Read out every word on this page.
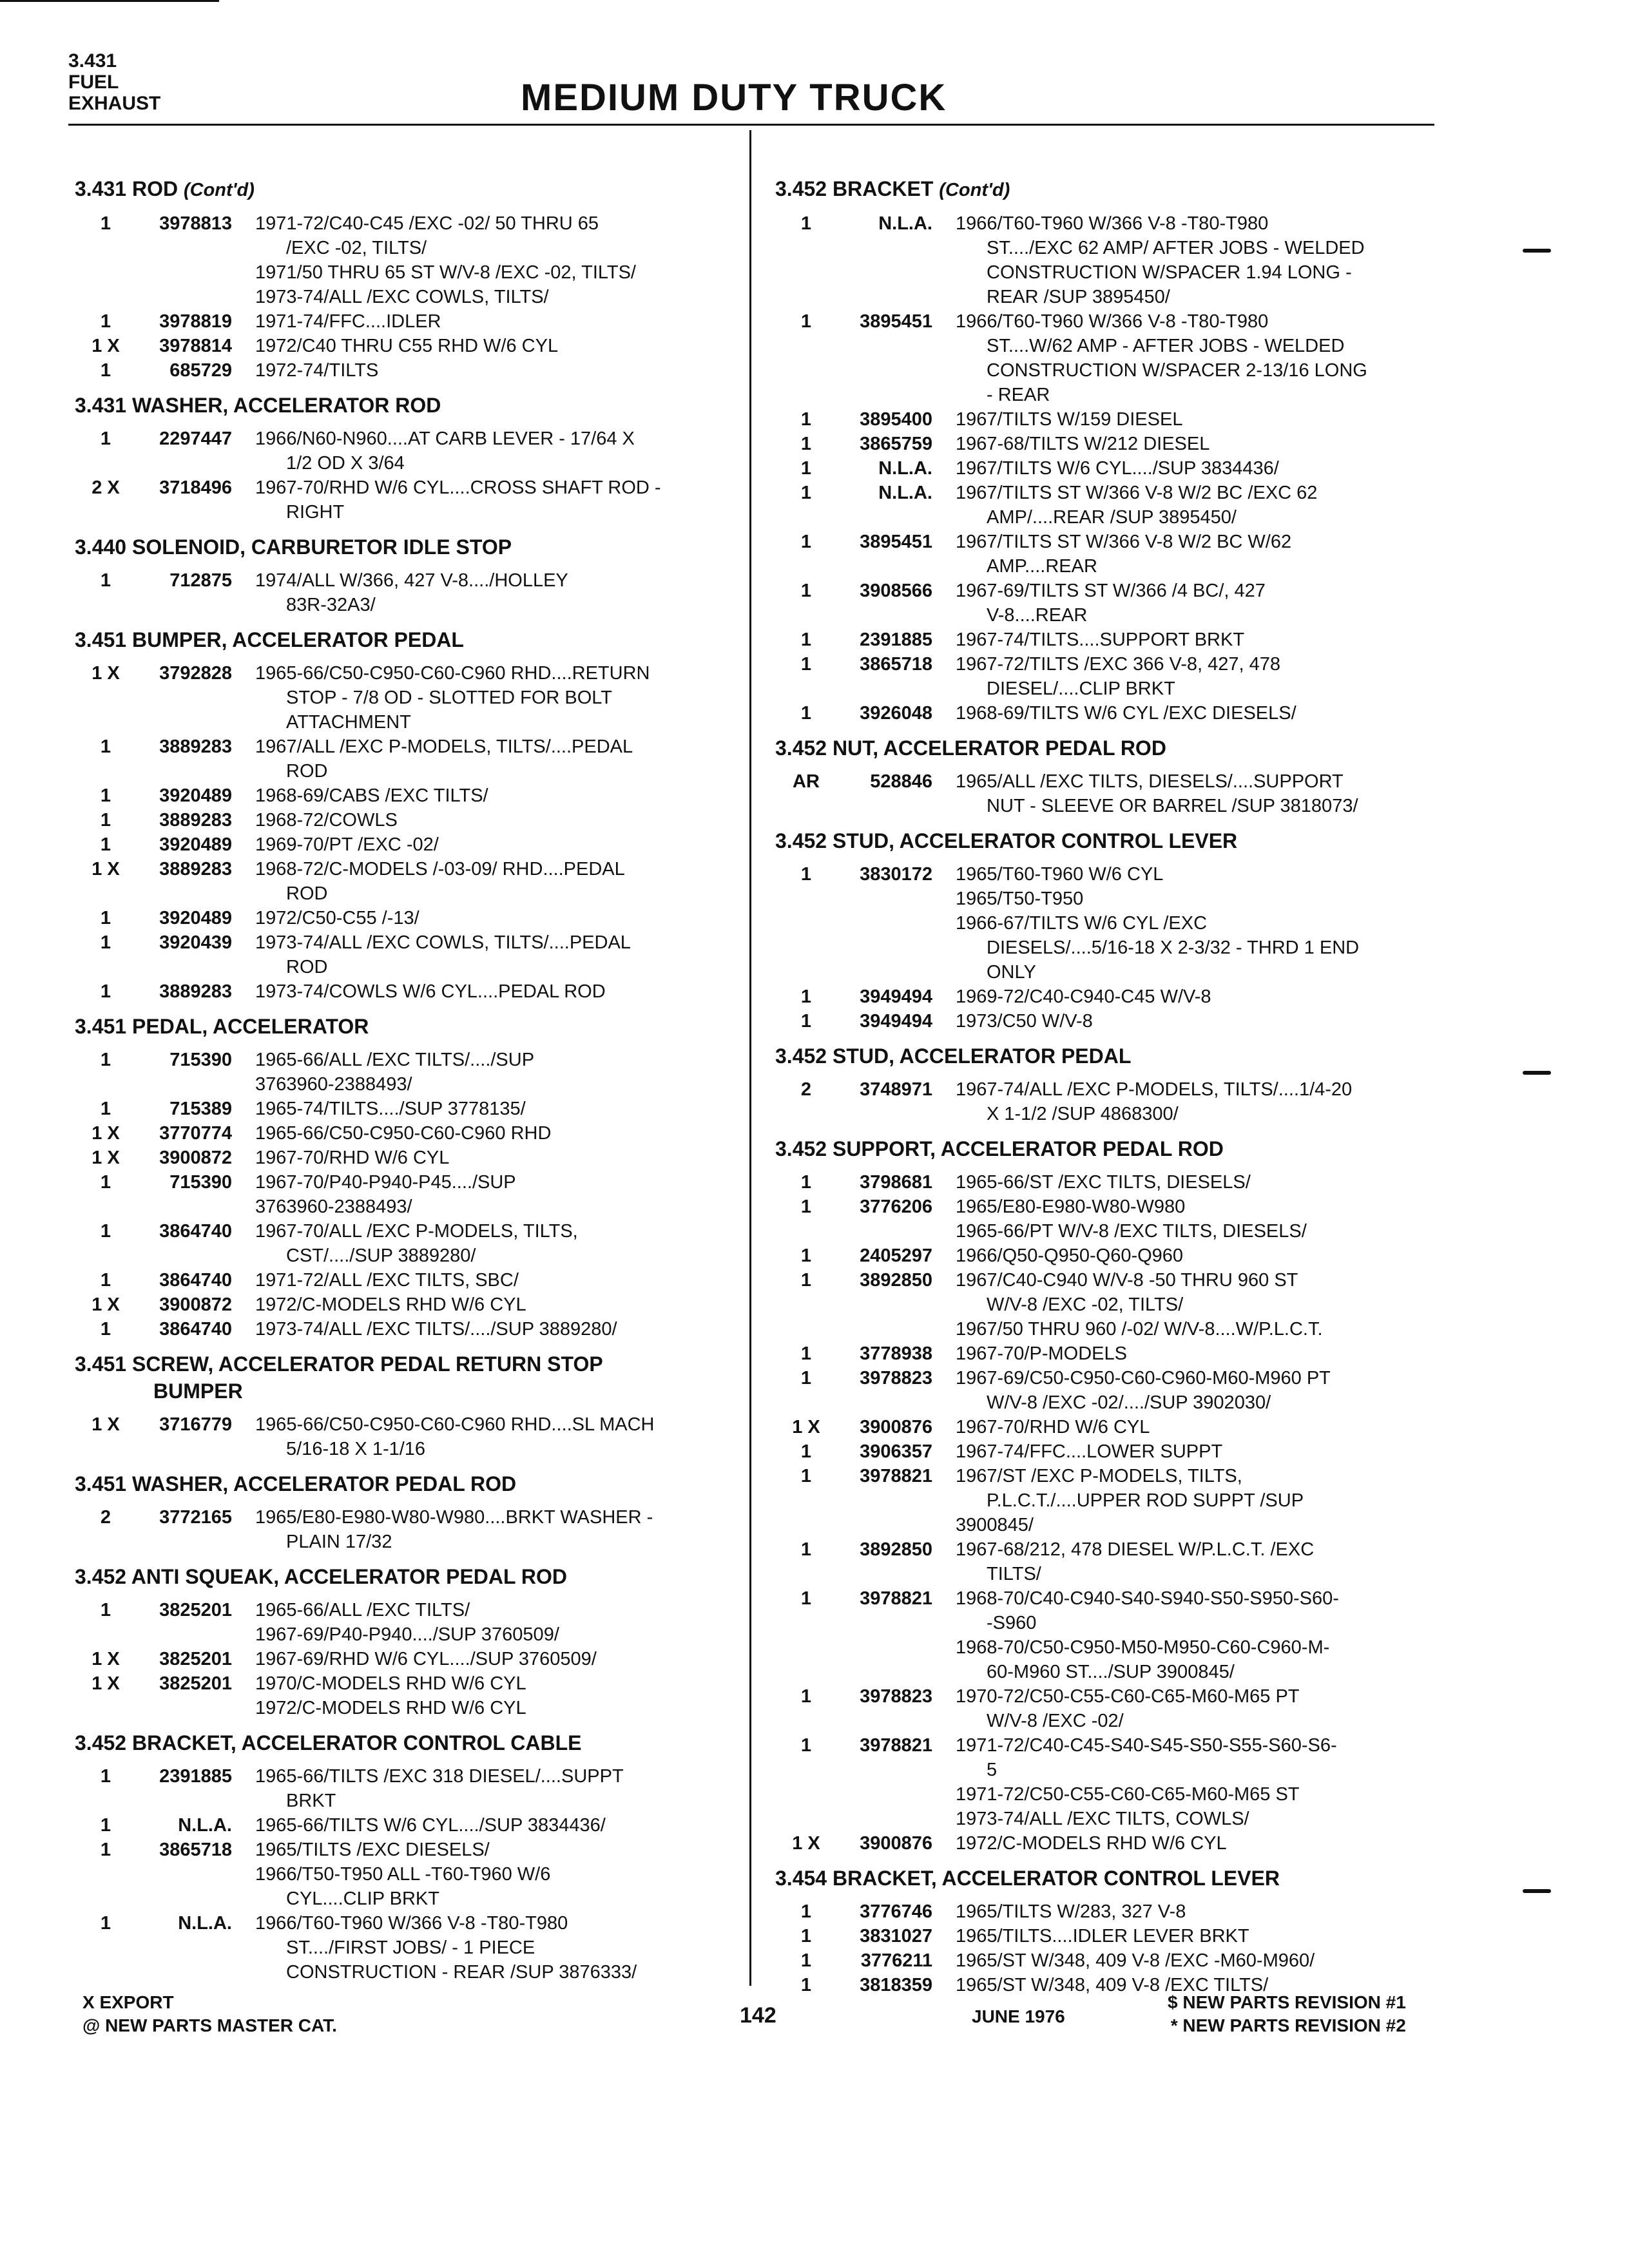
3.431
FUEL
EXHAUST	MEDIUM DUTY TRUCK
3.431 ROD (Cont'd)
1	3978813	1971-72/C40-C45 /EXC -02/ 50 THRU 65
/EXC -02, TILTS/
1971/50 THRU 65 ST W/V-8 /EXC -02, TILTS/
1973-74/ALL /EXC COWLS, TILTS/
1	3978819	1971-74/FFC....IDLER
1 X	3978814	1972/C40 THRU C55 RHD W/6 CYL
1	685729	1972-74/TILTS
3.431 WASHER, ACCELERATOR ROD
1	2297447	1966/N60-N960....AT CARB LEVER - 17/64 X
1/2 OD X 3/64
2 X	3718496	1967-70/RHD W/6 CYL....CROSS SHAFT ROD -
RIGHT
3.440 SOLENOID, CARBURETOR IDLE STOP
1	712875	1974/ALL W/366, 427 V-8..../HOLLEY
83R-32A3/
3.451 BUMPER, ACCELERATOR PEDAL
1 X	3792828	1965-66/C50-C950-C60-C960 RHD....RETURN
STOP - 7/8 OD - SLOTTED FOR BOLT
ATTACHMENT
1	3889283	1967/ALL /EXC P-MODELS, TILTS/....PEDAL
ROD
1	3920489	1968-69/CABS /EXC TILTS/
1	3889283	1968-72/COWLS
1	3920489	1969-70/PT /EXC -02/
1 X	3889283	1968-72/C-MODELS /-03-09/ RHD....PEDAL
ROD
1	3920489	1972/C50-C55 /-13/
1	3920439	1973-74/ALL /EXC COWLS, TILTS/....PEDAL
ROD
1	3889283	1973-74/COWLS W/6 CYL....PEDAL ROD
3.451 PEDAL, ACCELERATOR
1	715390	1965-66/ALL /EXC TILTS/..../SUP
3763960-2388493/
1	715389	1965-74/TILTS..../SUP 3778135/
1 X	3770774	1965-66/C50-C950-C60-C960 RHD
1 X	3900872	1967-70/RHD W/6 CYL
1	715390	1967-70/P40-P940-P45..../SUP
3763960-2388493/
1	3864740	1967-70/ALL /EXC P-MODELS, TILTS,
CST/..../SUP 3889280/
1	3864740	1971-72/ALL /EXC TILTS, SBC/
1 X	3900872	1972/C-MODELS RHD W/6 CYL
1	3864740	1973-74/ALL /EXC TILTS/..../SUP 3889280/
3.451 SCREW, ACCELERATOR PEDAL RETURN STOP
BUMPER
1 X	3716779	1965-66/C50-C950-C60-C960 RHD....SL MACH
5/16-18 X 1-1/16
3.451 WASHER, ACCELERATOR PEDAL ROD
2	3772165	1965/E80-E980-W80-W980....BRKT WASHER -
PLAIN 17/32
3.452 ANTI SQUEAK, ACCELERATOR PEDAL ROD
1	3825201	1965-66/ALL /EXC TILTS/
1967-69/P40-P940..../SUP 3760509/
1 X	3825201	1967-69/RHD W/6 CYL..../SUP 3760509/
1 X	3825201	1970/C-MODELS RHD W/6 CYL
1972/C-MODELS RHD W/6 CYL
3.452 BRACKET, ACCELERATOR CONTROL CABLE
1	2391885	1965-66/TILTS /EXC 318 DIESEL/....SUPPT
BRKT
1	N.L.A.	1965-66/TILTS W/6 CYL..../SUP 3834436/
1	3865718	1965/TILTS /EXC DIESELS/
1966/T50-T950 ALL -T60-T960 W/6
CYL....CLIP BRKT
1	N.L.A.	1966/T60-T960 W/366 V-8 -T80-T980
ST..../FIRST JOBS/ - 1 PIECE
CONSTRUCTION - REAR /SUP 3876333/
3.452 BRACKET (Cont'd)
1	N.L.A.	1966/T60-T960 W/366 V-8 -T80-T980
ST..../EXC 62 AMP/ AFTER JOBS - WELDED
CONSTRUCTION W/SPACER 1.94 LONG -
REAR /SUP 3895450/
1	3895451	1966/T60-T960 W/366 V-8 -T80-T980
ST....W/62 AMP - AFTER JOBS - WELDED
CONSTRUCTION W/SPACER 2-13/16 LONG
- REAR
1	3895400	1967/TILTS W/159 DIESEL
1	3865759	1967-68/TILTS W/212 DIESEL
1	N.L.A.	1967/TILTS W/6 CYL..../SUP 3834436/
1	N.L.A.	1967/TILTS ST W/366 V-8 W/2 BC /EXC 62
AMP/....REAR /SUP 3895450/
1	3895451	1967/TILTS ST W/366 V-8 W/2 BC W/62
AMP....REAR
1	3908566	1967-69/TILTS ST W/366 /4 BC/, 427
V-8....REAR
1	2391885	1967-74/TILTS....SUPPORT BRKT
1	3865718	1967-72/TILTS /EXC 366 V-8, 427, 478
DIESEL/....CLIP BRKT
1	3926048	1968-69/TILTS W/6 CYL /EXC DIESELS/
3.452 NUT, ACCELERATOR PEDAL ROD
AR	528846	1965/ALL /EXC TILTS, DIESELS/....SUPPORT
NUT - SLEEVE OR BARREL /SUP 3818073/
3.452 STUD, ACCELERATOR CONTROL LEVER
1	3830172	1965/T60-T960 W/6 CYL
1965/T50-T950
1966-67/TILTS W/6 CYL /EXC
DIESELS/....5/16-18 X 2-3/32 - THRD 1 END
ONLY
1	3949494	1969-72/C40-C940-C45 W/V-8
1	3949494	1973/C50 W/V-8
3.452 STUD, ACCELERATOR PEDAL
2	3748971	1967-74/ALL /EXC P-MODELS, TILTS/....1/4-20
X 1-1/2 /SUP 4868300/
3.452 SUPPORT, ACCELERATOR PEDAL ROD
1	3798681	1965-66/ST /EXC TILTS, DIESELS/
1	3776206	1965/E80-E980-W80-W980
1965-66/PT W/V-8 /EXC TILTS, DIESELS/
1	2405297	1966/Q50-Q950-Q60-Q960
1	3892850	1967/C40-C940 W/V-8 -50 THRU 960 ST
W/V-8 /EXC -02, TILTS/
1967/50 THRU 960 /-02/ W/V-8....W/P.L.C.T.
1	3778938	1967-70/P-MODELS
1	3978823	1967-69/C50-C950-C60-C960-M60-M960 PT
W/V-8 /EXC -02/..../SUP 3902030/
1 X	3900876	1967-70/RHD W/6 CYL
1	3906357	1967-74/FFC....LOWER SUPPT
1	3978821	1967/ST /EXC P-MODELS, TILTS,
P.L.C.T./....UPPER ROD SUPPT /SUP
3900845/
1	3892850	1967-68/212, 478 DIESEL W/P.L.C.T. /EXC
TILTS/
1	3978821	1968-70/C40-C940-S40-S940-S50-S950-S60-
-S960
1968-70/C50-C950-M50-M950-C60-C960-M-
60-M960 ST..../SUP 3900845/
1	3978823	1970-72/C50-C55-C60-C65-M60-M65 PT
W/V-8 /EXC -02/
1	3978821	1971-72/C40-C45-S40-S45-S50-S55-S60-S6-
5
1971-72/C50-C55-C60-C65-M60-M65 ST
1973-74/ALL /EXC TILTS, COWLS/
1 X	3900876	1972/C-MODELS RHD W/6 CYL
3.454 BRACKET, ACCELERATOR CONTROL LEVER
1	3776746	1965/TILTS W/283, 327 V-8
1	3831027	1965/TILTS....IDLER LEVER BRKT
1	3776211	1965/ST W/348, 409 V-8 /EXC -M60-M960/
1	3818359	1965/ST W/348, 409 V-8 /EXC TILTS/
X EXPORT
@ NEW PARTS MASTER CAT.	142	JUNE 1976
$ NEW PARTS REVISION #1
* NEW PARTS REVISION #2
